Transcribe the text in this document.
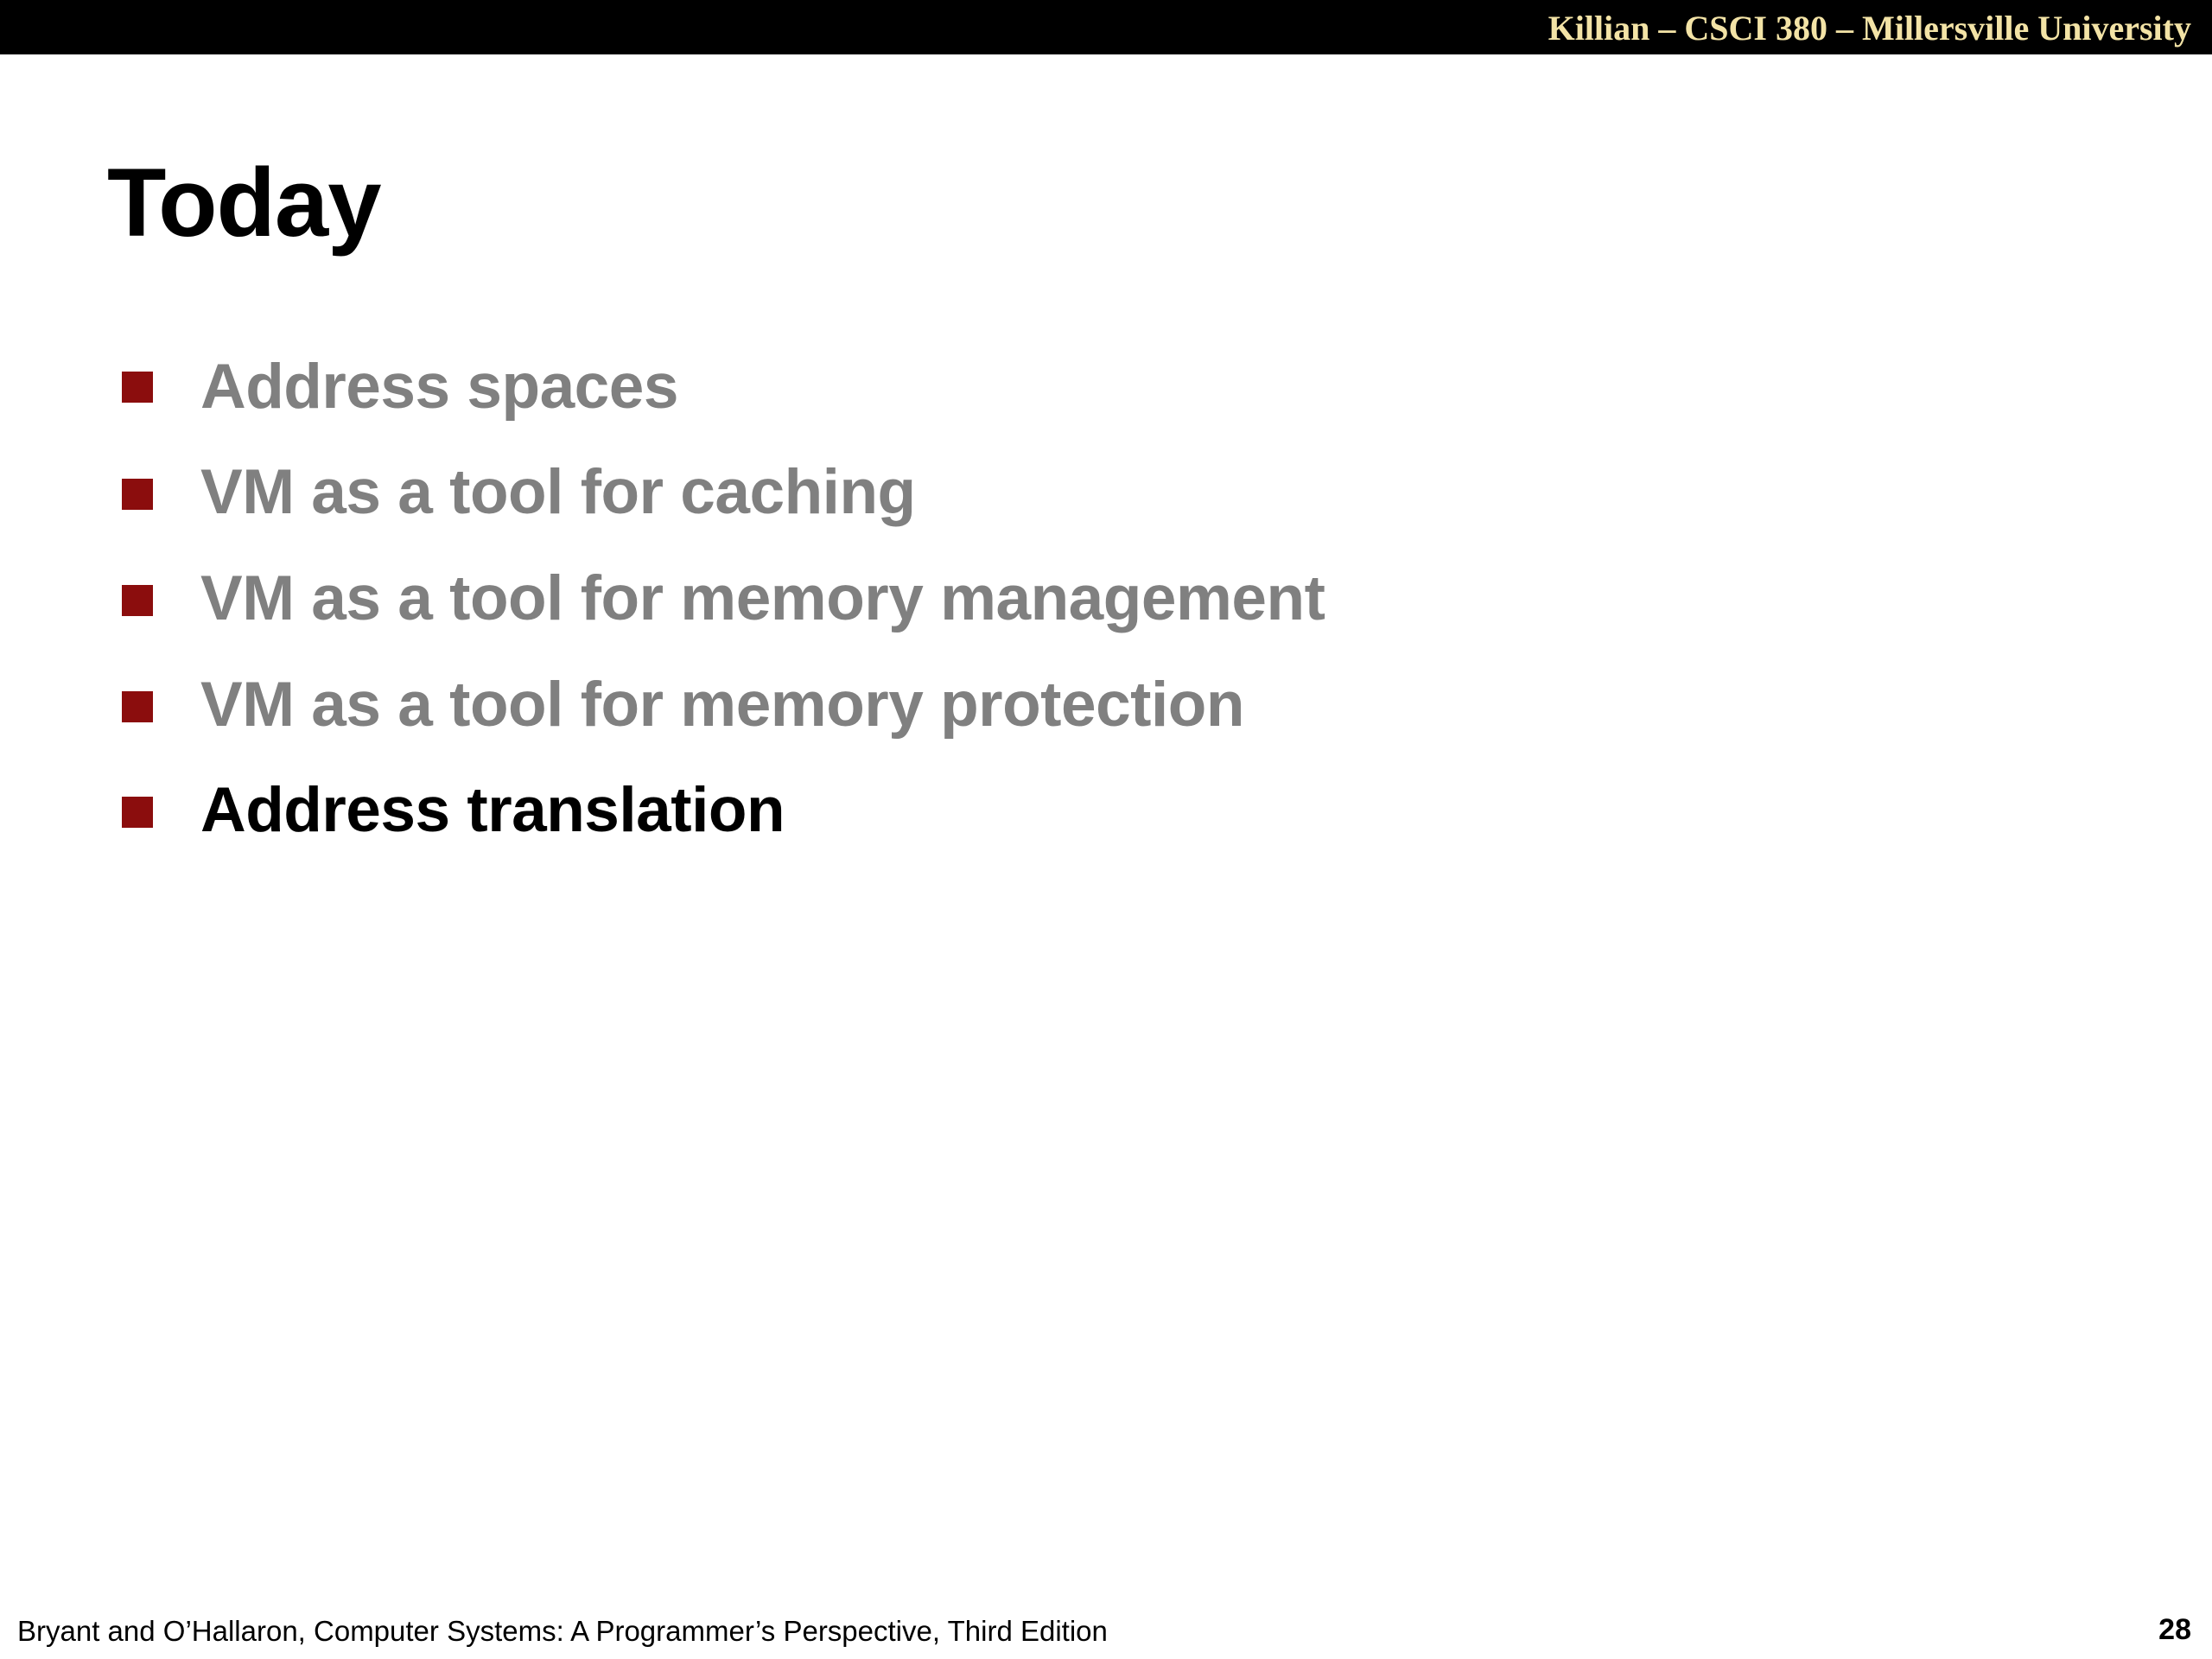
Killian – CSCI 380 – Millersville University
Today
Address spaces
VM as a tool for caching
VM as a tool for memory management
VM as a tool for memory protection
Address translation
Bryant and O’Hallaron, Computer Systems: A Programmer’s Perspective, Third Edition	28
